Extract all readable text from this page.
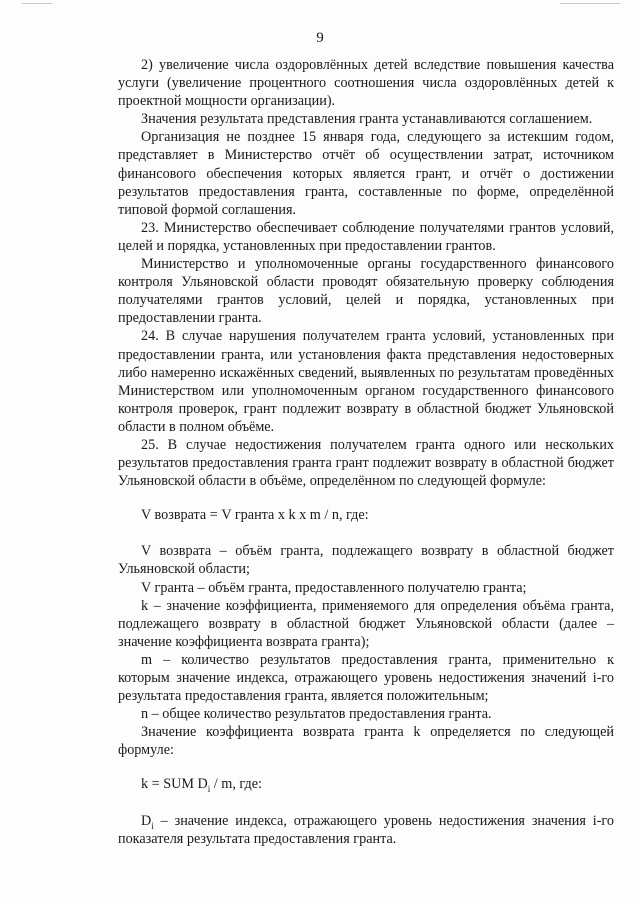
9

2) увеличение числа оздоровлённых детей вследствие повышения качества услуги (увеличение процентного соотношения числа оздоровлённых детей к проектной мощности организации).

Значения результата представления гранта устанавливаются соглашением.

Организация не позднее 15 января года, следующего за истекшим годом, представляет в Министерство отчёт об осуществлении затрат, источником финансового обеспечения которых является грант, и отчёт о достижении результатов предоставления гранта, составленные по форме, определённой типовой формой соглашения.

23. Министерство обеспечивает соблюдение получателями грантов условий, целей и порядка, установленных при предоставлении грантов.

Министерство и уполномоченные органы государственного финансового контроля Ульяновской области проводят обязательную проверку соблюдения получателями грантов условий, целей и порядка, установленных при предоставлении гранта.

24. В случае нарушения получателем гранта условий, установленных при предоставлении гранта, или установления факта представления недостоверных либо намеренно искажённых сведений, выявленных по результатам проведённых Министерством или уполномоченным органом государственного финансового контроля проверок, грант подлежит возврату в областной бюджет Ульяновской области в полном объёме.

25. В случае недостижения получателем гранта одного или нескольких результатов предоставления гранта грант подлежит возврату в областной бюджет Ульяновской области в объёме, определённом по следующей формуле:

V возврата = V гранта x k x m / n, где:

V возврата – объём гранта, подлежащего возврату в областной бюджет Ульяновской области;

V гранта – объём гранта, предоставленного получателю гранта;

k – значение коэффициента, применяемого для определения объёма гранта, подлежащего возврату в областной бюджет Ульяновской области (далее – значение коэффициента возврата гранта);

m – количество результатов предоставления гранта, применительно к которым значение индекса, отражающего уровень недостижения значений i-го результата предоставления гранта, является положительным;

n – общее количество результатов предоставления гранта.

Значение коэффициента возврата гранта k определяется по следующей формуле:

k = SUM $D_i$ / m, где:

$D_i$ – значение индекса, отражающего уровень недостижения значения i-го показателя результата предоставления гранта.
